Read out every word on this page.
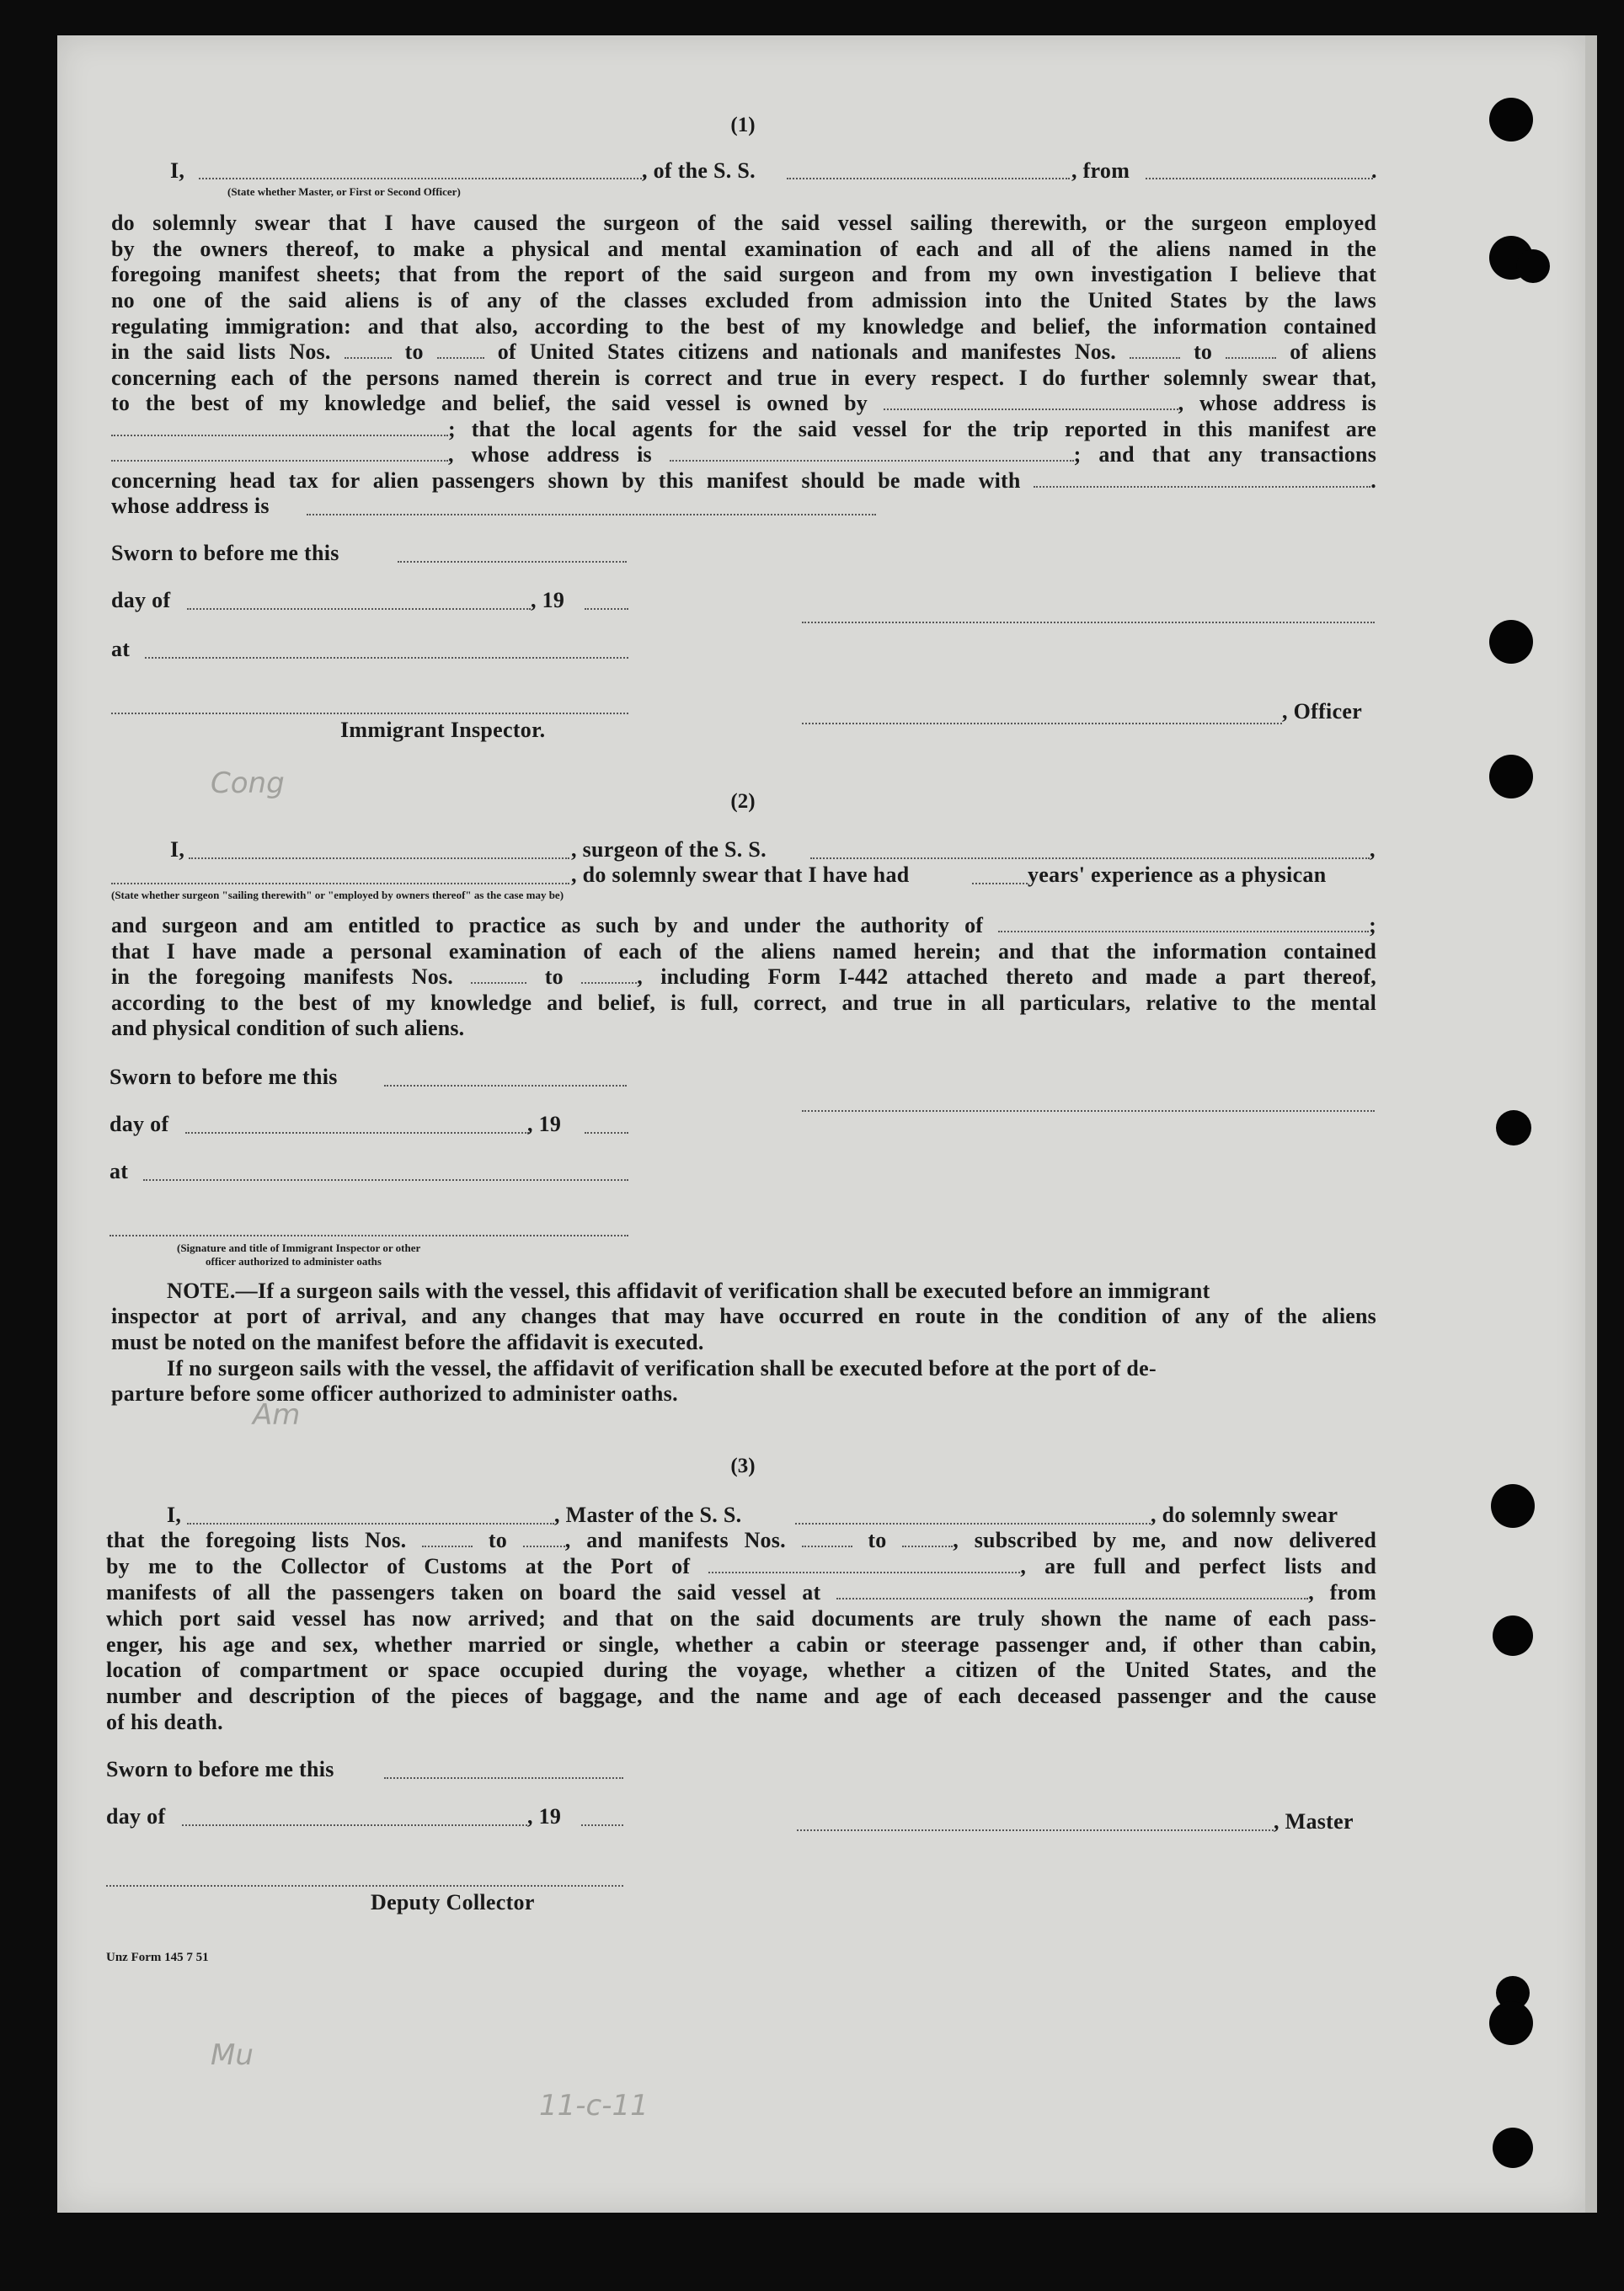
Cong
Am
Mu
11-c-11
(1)
I,	, of the S. S.	, from	.
(State whether Master, or First or Second Officer)
do solemnly swear that I have caused the surgeon of the said vessel sailing therewith, or the surgeon employed
by the owners thereof, to make a physical and mental examination of each and all of the aliens named in the
foregoing manifest sheets; that from the report of the said surgeon and from my own investigation I believe that
no one of the said aliens is of any of the classes excluded from admission into the United States by the laws
regulating immigration: and that also, according to the best of my knowledge and belief, the information contained
in the said lists Nos.	to	of United States citizens and nationals and manifestes Nos.	to	of aliens
concerning each of the persons named therein is correct and true in every respect. I do further solemnly swear that,
to the best of my knowledge and belief, the said vessel is owned by	, whose address is
; that the local agents for the said vessel for the trip reported in this manifest are
, whose address is	; and that any transactions
concerning head tax for alien passengers shown by this manifest should be made with	.
whose address is
Sworn to before me this
day of	, 19
at
, Officer
Immigrant Inspector.
(2)
I,	, surgeon of the S. S.	,
, do solemnly swear that I have had	years' experience as a physican
(State whether surgeon "sailing therewith" or "employed by owners thereof" as the case may be)
and surgeon and am entitled to practice as such by and under the authority of	;
that I have made a personal examination of each of the aliens named herein; and that the information contained
in the foregoing manifests Nos.	to	, including Form I-442 attached thereto and made a part thereof,
according to the best of my knowledge and belief, is full, correct, and true in all particulars, relative to the mental
and physical condition of such aliens.
Sworn to before me this
day of	, 19
at
(Signature and title of Immigrant Inspector or other
officer authorized to administer oaths
NOTE.—If a surgeon sails with the vessel, this affidavit of verification shall be executed before an immigrant
inspector at port of arrival, and any changes that may have occurred en route in the condition of any of the aliens
must be noted on the manifest before the affidavit is executed.
If no surgeon sails with the vessel, the affidavit of verification shall be executed before at the port of de-
parture before some officer authorized to administer oaths.
(3)
I,	, Master of the S. S.	, do solemnly swear
that the foregoing lists Nos.	to	, and manifests Nos.	to	, subscribed by me, and now delivered
by me to the Collector of Customs at the Port of	, are full and perfect lists and
manifests of all the passengers taken on board the said vessel at	, from
which port said vessel has now arrived; and that on the said documents are truly shown the name of each pass-
enger, his age and sex, whether married or single, whether a cabin or steerage passenger and, if other than cabin,
location of compartment or space occupied during the voyage, whether a citizen of the United States, and the
number and description of the pieces of baggage, and the name and age of each deceased passenger and the cause
of his death.
Sworn to before me this
day of	, 19	, Master
Deputy Collector
Unz Form 145 7 51
